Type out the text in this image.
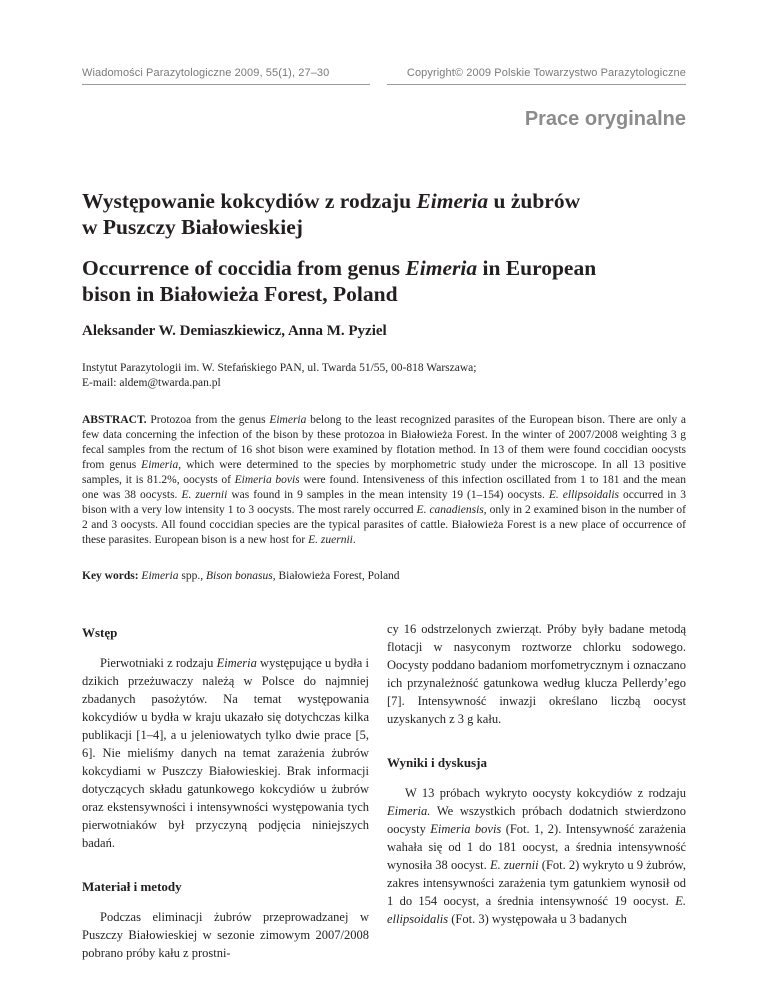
Wiadomości Parazytologiczne 2009, 55(1), 27–30	Copyright© 2009 Polskie Towarzystwo Parazytologiczne
Prace oryginalne
Występowanie kokcydiów z rodzaju Eimeria u żubrów
w Puszczy Białowieskiej
Occurrence of coccidia from genus Eimeria in European
bison in Białowieża Forest, Poland
Aleksander W. Demiaszkiewicz, Anna M. Pyziel
Instytut Parazytologii im. W. Stefańskiego PAN, ul. Twarda 51/55, 00-818 Warszawa;
E-mail: aldem@twarda.pan.pl
ABSTRACT. Protozoa from the genus Eimeria belong to the least recognized parasites of the European bison. There are only a few data concerning the infection of the bison by these protozoa in Białowieża Forest. In the winter of 2007/2008 weighting 3 g fecal samples from the rectum of 16 shot bison were examined by flotation method. In 13 of them were found coccidian oocysts from genus Eimeria, which were determined to the species by morphometric study under the microscope. In all 13 positive samples, it is 81.2%, oocysts of Eimeria bovis were found. Intensiveness of this infection oscillated from 1 to 181 and the mean one was 38 oocysts. E. zuernii was found in 9 samples in the mean intensity 19 (1–154) oocysts. E. ellipsoidalis occurred in 3 bison with a very low intensity 1 to 3 oocysts. The most rarely occurred E. canadiensis, only in 2 examined bison in the number of 2 and 3 oocysts. All found coccidian species are the typical parasites of cattle. Białowieża Forest is a new place of occurrence of these parasites. European bison is a new host for E. zuernii.
Key words: Eimeria spp., Bison bonasus, Białowieża Forest, Poland
Wstęp

Pierwotniaki z rodzaju Eimeria występujące u bydła i dzikich przeżuwaczy należą w Polsce do najmniej zbadanych pasożytów. Na temat występowania kokcydiów u bydła w kraju ukazało się dotychczas kilka publikacji [1–4], a u jeleniowatych tylko dwie prace [5, 6]. Nie mieliśmy danych na temat zarażenia żubrów kokcydiami w Puszczy Białowieskiej. Brak informacji dotyczących składu gatunkowego kokcydiów u żubrów oraz ekstensywności i intensywności występowania tych pierwotniaków był przyczyną podjęcia niniejszych badań.

Materiał i metody

Podczas eliminacji żubrów przeprowadzanej w Puszczy Białowieskiej w sezonie zimowym 2007/2008 pobrano próby kału z prostni-

cy 16 odstrzelonych zwierząt. Próby były badane metodą flotacji w nasyconym roztworze chlorku sodowego. Oocysty poddano badaniom morfometrycznym i oznaczano ich przynależność gatunkowa według klucza Pellerdy’ego [7]. Intensywność inwazji określano liczbą oocyst uzyskanych z 3 g kału.

Wyniki i dyskusja

W 13 próbach wykryto oocysty kokcydiów z rodzaju Eimeria. We wszystkich próbach dodatnich stwierdzono oocysty Eimeria bovis (Fot. 1, 2). Intensywność zarażenia wahała się od 1 do 181 oocyst, a średnia intensywność wynosiła 38 oocyst. E. zuernii (Fot. 2) wykryto u 9 żubrów, zakres intensywności zarażenia tym gatunkiem wynosił od 1 do 154 oocyst, a średnia intensywność 19 oocyst. E. ellipsoidalis (Fot. 3) występowała u 3 badanych
